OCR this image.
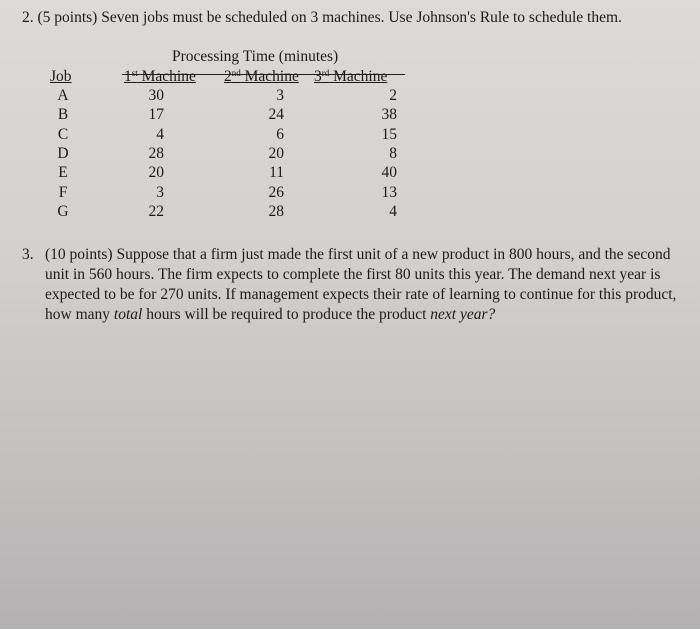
2. (5 points) Seven jobs must be scheduled on 3 machines. Use Johnson's Rule to schedule them.
Processing Time (minutes)
Job	1st Machine 2nd Machine 3rd Machine
A	30	3	2
B	17	24	38
C	4	6	15
D	28	20	8
E	20	11	40
F	3	26	13
G	22	28	4
3. (10 points) Suppose that a firm just made the first unit of a new product in 800 hours, and the second unit in 560 hours. The firm expects to complete the first 80 units this year. The demand next year is expected to be for 270 units. If management expects their rate of learning to continue for this product, how many total hours will be required to produce the product next year?
